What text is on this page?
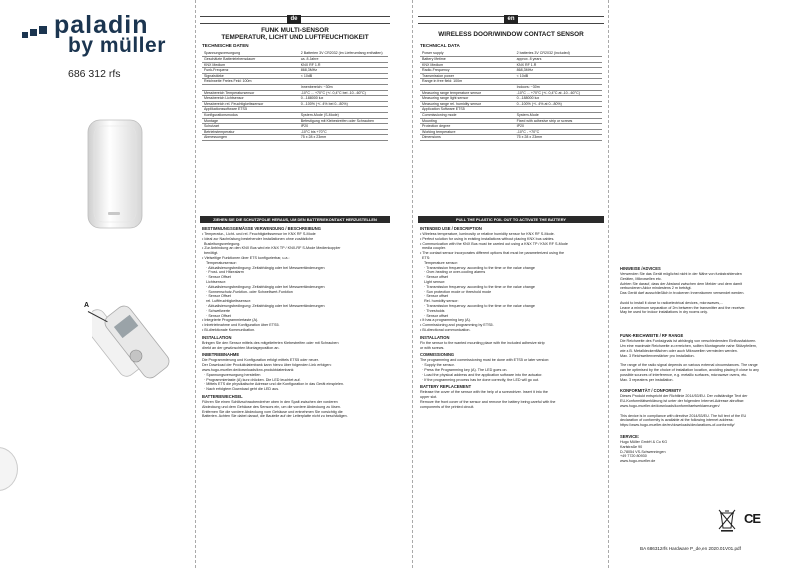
paladin
by müller
686 312 rfs
A
de
FUNK MULTI-SENSOR
TEMPERATUR, LICHT UND LUFTFEUCHTIGKEIT
TECHNISCHE DATEN
Spannungsversorgung	2 Batterien 3V CR2032 (im Lieferumfang enthalten)
Geschätzte Batterielebensdauer	ca. 8 Jahre
KNX Medium	KNX RF 1.R
Funk-Frequenz	868,3MHz
Signalstärke	< 10dB
Reichweite Freies Feld: 100m	
	Innenbereich: ~30m
Messbereich Temperatursensor	-10°C ... +70°C (+/- 0,4°C bei -10...60°C)
Messbereich Lichtsensor	0...188000 lux
Messbereich rel. Feuchtigkeitssensor	0...100% (+/- 4% bei 0...80%)
Applikationssoftware ETS5	
Konfigurationsmodus	System-Mode (S-Mode)
Montage	Befestigung mit Klebestreifen oder Schrauben
Schutzart	IP20
Betriebstemperatur	-10°C bis +70°C
Abmessungen	75 x 28 x 23mm
ZIEHEN SIE DIE SCHUTZFOLIE HERAUS, UM DEN BATTERIEKONTAKT HERZUSTELLEN
BESTIMMUNGSGEMÄSSE VERWENDUNG / BESCHREIBUNG
• Temperatur-, Licht- und rel. Feuchtigkeitssensor im KNX RF S-Mode
• Ideal zur Nachrüstung bestehender Installationen ohne zusätzliche
Busleitungsverlegung.
• Zur Anbindung an den KNX Bus wird ein KNX TP / KNX-RF S-Mode Medienkoppler
benötigt.
• Vielseitige Funktionen über ETS konfigurierbar, u.a.:
Temperatursensor:
· Aktualisierungsbedingung: Zeitabhängig oder bei Messwertänderungen
· Frost- und Hitzealarm
· Sensor Offset
Lichtsensor:
· Aktualisierungsbedingung: Zeitabhängig oder bei Messwertänderungen
· Sonnenschutz-Funktion- oder Schwellwert-Funktion
· Sensor Offset
rel. Luftfeuchtigkeitssensor:
· Aktualisierungsbedingung: Zeitabhängig oder bei Messwertänderungen
· Schwellwerte
· Sensor Offset
• Integrierte Programmiertaste (A).
• Inbetriebnahme und Konfiguration über ETS5.
• Bi-direktionale Kommunikation.
INSTALLATION
Bringen Sie den Sensor mittels des mitgelieferten Klebestreifen oder mit Schrauben
direkt an der gewünschten Montageposition an.
INBETRIEBNAHME
Die Programmierung und Konfiguration erfolgt mittels ETS5 oder neuer.
Der Download der Produktdatenbank kann hierzu über folgenden Link erfolgen:
www.hugo-mueller.de/downloads/knx-produktdatenbank
· Spannungsversorgung herstellen
· Programmiertaste (A) kurz drücken. Die LED leuchtet auf.
· Mittels ETS die physikalische Adresse und die Konfiguration in das Gerät einspielen.
· Nach erfolgtem Download geht die LED aus.
BATTERIEWECHSEL
Führen Sie einen Schlitzschraubendreher oben in den Spalt zwischen der vorderen
Abdeckung und dem Gehäuse des Sensors ein, um die vordere Abdeckung zu lösen.
Entfernen Sie die vordere Abdeckung vom Gehäuse und entnehmen Sie vorsichtig die
Batterien. Achten Sie dabei darauf, die Bauteile auf der Leiterplatte nicht zu beschädigen.
en
WIRELESS DOOR/WINDOW CONTACT SENSOR
TECHNICAL DATA
Power supply	2 batteries 3V CR2032 (included)
Battery lifetime	approx. 8 years
KNX Medium	KNX RF 1.R
Radio-Frequency	868,3MHz
Transmission power	< 10dB
Range in free field: 100m	
	Indoors: ~30m
Measuring range temperature sensor	-10°C ... +70°C (+/- 0,4°C at -10...60°C)
Measuring range light sensor	0...188000 lux
Measuring range rel. humidity sensor	0...100% (+/- 4% at 0...80%)
Application Software ETS5	
Commissioning mode	System-Mode
Mounting	Fixed with adhesive strip or screws
Protection degree	IP20
Working temperature	-10°C - +70°C
Dimensions	75 x 28 x 23mm
PULL THE PLASTIC FOIL OUT TO ACTIVATE THE BATTERY
INTENDED USE / DESCRIPTION
• Wireless temperature, luminosity or relative humidity sensor for KNX RF S-Mode.
• Perfect solution for using in existing installations without placing KNX bus cables.
• Communication with the KNX Bus must be carried out using a KNX TP / KNX RF S-Mode
media coupler.
• The contact sensor incorporates different options that must be parameterized using the
ETS:
Temperature sensor:
· Transmission frequency: according to the time or the value change
· Over-heating or over-cooling alarms
· Sensor offset
Light sensor:
· Transmission frequency: according to the time or the value change
· Sun protection mode or threshold mode
· Sensor offset
Rel. humidity sensor:
· Transmission frequency: according to the time or the value change
· Thresholds
· Sensor offset
• It has a programming key (A).
• Commissioning and programming by ETS5.
• Bi-directional communication.
INSTALLATION
Fix the sensor to the wanted mounting place with the included adhesive strip
or with screws.
COMMISSIONING
The programming and commissioning must be done with ETS5 or later version:
· Supply the sensor.
· Press the Programming key (A). The LED goes on.
· Load the physical address and the application software into the actuator.
· If the programming process has be done correctly, the LED will go out.
BATTERY REPLACEMENT
Release the cover of the sensor with the help of a screwdriver. Insert it into the
upper slot.
Remove the front cover of the sensor and remove the battery being careful with the
components of the printed circuit.
HINWEISE /ADVICES
Verwenden Sie das Gerät möglichst nicht in der Nähe von funkstrahlenden
Geräten, Mikrowellen etc.
Achten Sie darauf, dass der Abstand zwischen dem Melder und dem damit
verbundenen Aktor mindestens 2 m beträgt.
Das Gerät darf ausschließlich in trockenen Innenräumen verwendet werden.

Avoid to install it close to radioelectrical devices, microwaves,...
Leave a minimum separation of 2m between the transmitter and the receiver.
May be used for indoor installations in dry rooms only.
FUNK-REICHWEITE / RF RANGE
Die Reichweite des Funksignals ist abhängig von verschiedensten Einflussfaktoren.
Um eine maximale Reichweite zu erreichen, sollten Montageorte nahe Stützpfeilern,
wie z.B. Metalldeckenflächen oder auch Mikrowellen vermieden werden.
Max. 3 Reichweitenverstärker pro Installation.

The range of the radio signal depends on various external circumstances. The range
can be optimised by the choice of installation location, avoiding placing it close to any
possible sources of interference, e.g. metallic surfaces, microwave ovens, etc.
Max. 3 repeaters per installation.
KONFORMITÄT / CONFORMITY
Dieses Produkt entspricht der Richtlinie 2014/53/EU. Der vollständige Text der
EU-Konformitätserklärung ist unter der folgenden Internet-Adresse abrufbar:
www.hugo-mueller.de/downloads/konformitaetserklaerungen/

This device is in compliance with directive 2014/53/EU. The full text of the EU
declaration of conformity is available at the following internet address:
https://www.hugo-mueller.de/en/downloads/declarations-of-conformity/
SERVICE:
Hugo Müller GmbH & Co KG
Karlstraße 90
D-78054 VS-Schwenningen
+49 7720 80930
www.hugo-mueller.de
CE
BA 686312rfs Hardware P_de,en 2020.01V01.pdf
